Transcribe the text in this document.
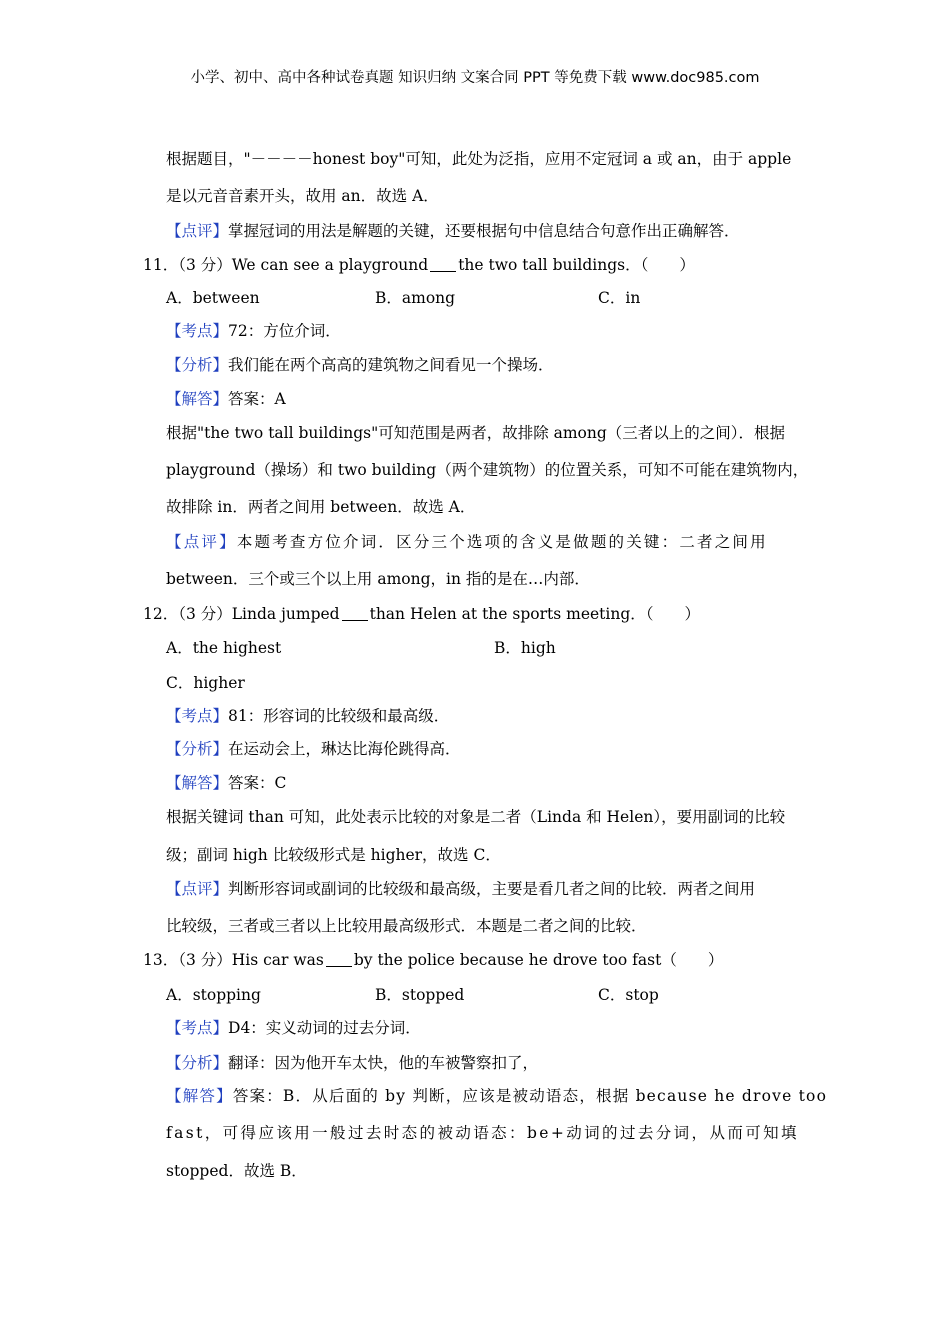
小学、初中、高中各种试卷真题 知识归纳 文案合同 PPT 等免费下载 www.doc985.com
根据题目，"－－－－honest boy"可知，此处为泛指，应用不定冠词 a 或 an，由于 apple
是以元音音素开头，故用 an．故选 A．
【点评】掌握冠词的用法是解题的关键，还要根据句中信息结合句意作出正确解答．
11．（3 分）We can see a playground the two tall buildings．（　　）
A．between	B．among	C．in
【考点】72：方位介词．
【分析】我们能在两个高高的建筑物之间看见一个操场．
【解答】答案：A
根据"the two tall buildings"可知范围是两者，故排除 among（三者以上的之间）．根据
playground（操场）和 two building（两个建筑物）的位置关系，可知不可能在建筑物内，
故排除 in．两者之间用 between．故选 A．
【点评】本题考查方位介词．区分三个选项的含义是做题的关键：二者之间用
between．三个或三个以上用 among，in 指的是在…内部．
12．（3 分）Linda jumped than Helen at the sports meeting．（　　）
A．the highest	B．high
C．higher
【考点】81：形容词的比较级和最高级．
【分析】在运动会上，琳达比海伦跳得高．
【解答】答案：C
根据关键词 than 可知，此处表示比较的对象是二者（Linda 和 Helen），要用副词的比较
级；副词 high 比较级形式是 higher，故选 C．
【点评】判断形容词或副词的比较级和最高级，主要是看几者之间的比较．两者之间用
比较级，三者或三者以上比较用最高级形式．本题是二者之间的比较．
13．（3 分）His car was by the police because he drove too fast（　　）
A．stopping	B．stopped	C．stop
【考点】D4：实义动词的过去分词．
【分析】翻译：因为他开车太快，他的车被警察扣了，
【解答】答案：B．从后面的 by 判断，应该是被动语态，根据 because he drove too
fast，可得应该用一般过去时态的被动语态：be+动词的过去分词，从而可知填
stopped．故选 B．
